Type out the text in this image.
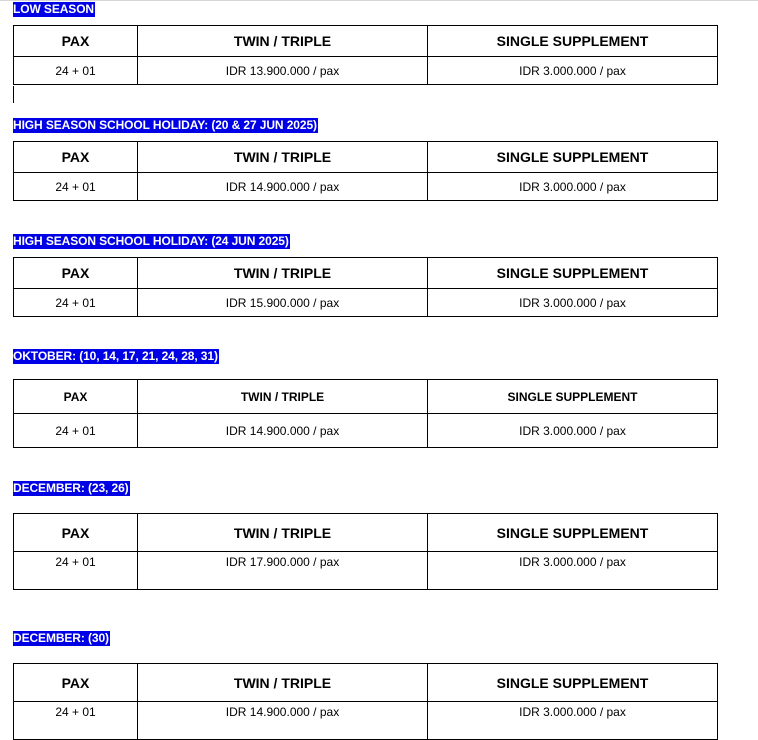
LOW SEASON
PAX	TWIN / TRIPLE	SINGLE SUPPLEMENT
24 + 01	IDR 13.900.000 / pax	IDR 3.000.000 / pax
HIGH SEASON SCHOOL HOLIDAY: (20 & 27 JUN 2025)
PAX	TWIN / TRIPLE	SINGLE SUPPLEMENT
24 + 01	IDR 14.900.000 / pax	IDR 3.000.000 / pax
HIGH SEASON SCHOOL HOLIDAY: (24 JUN 2025)
PAX	TWIN / TRIPLE	SINGLE SUPPLEMENT
24 + 01	IDR 15.900.000 / pax	IDR 3.000.000 / pax
OKTOBER: (10, 14, 17, 21, 24, 28, 31)
PAX	TWIN / TRIPLE	SINGLE SUPPLEMENT
24 + 01	IDR 14.900.000 / pax	IDR 3.000.000 / pax
DECEMBER: (23, 26)
PAX	TWIN / TRIPLE	SINGLE SUPPLEMENT
24 + 01	IDR 17.900.000 / pax	IDR 3.000.000 / pax
DECEMBER: (30)
PAX	TWIN / TRIPLE	SINGLE SUPPLEMENT
24 + 01	IDR 14.900.000 / pax	IDR 3.000.000 / pax
